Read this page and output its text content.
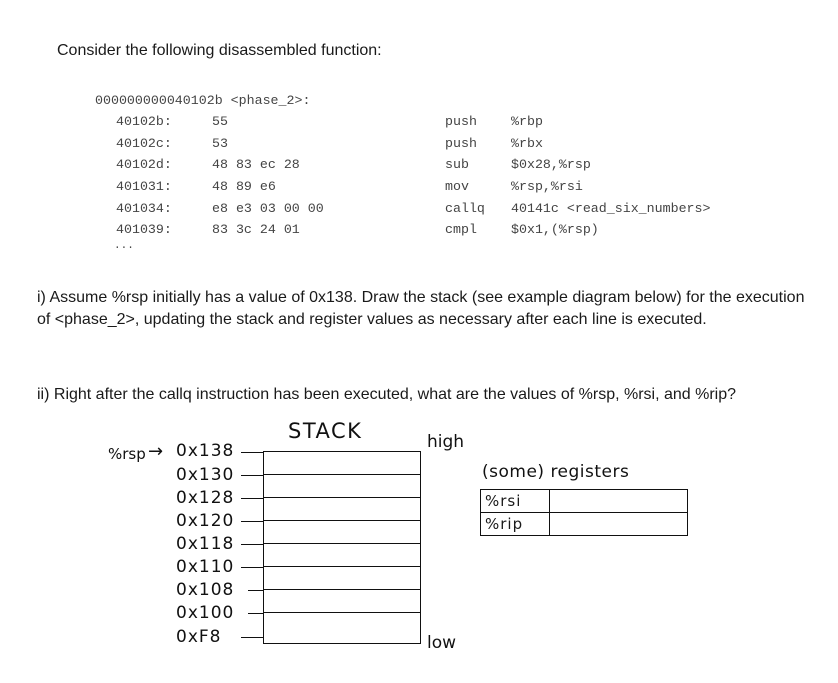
Consider the following disassembled function:
000000000040102b <phase_2>:
40102b:	55	push	%rbp
40102c:	53	push	%rbx
40102d:	48 83 ec 28	sub	$0x28,%rsp
401031:	48 89 e6	mov	%rsp,%rsi
401034:	e8 e3 03 00 00	callq 40141c <read_six_numbers>
401039:	83 3c 24 01	cmpl	$0x1,(%rsp)
...
i) Assume %rsp initially has a value of 0x138. Draw the stack (see example diagram below) for the execution of <phase_2>, updating the stack and register values as necessary after each line is executed.
ii) Right after the callq instruction has been executed, what are the values of %rsp, %rsi, and %rip?
STACK	high
low
%rsp → 0x138
0x130
0x128
0x120
0x118
0x110
0x108
0x100
0xF8
(some) registers
%rsi	
%rip	
